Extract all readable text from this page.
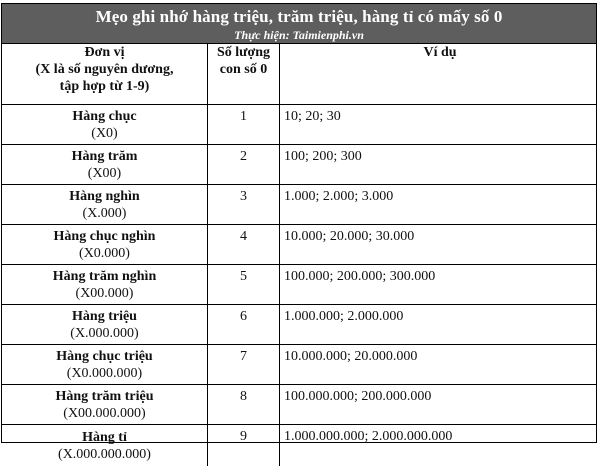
Mẹo ghi nhớ hàng triệu, trăm triệu, hàng tỉ có mấy số 0
Thực hiện: Taimienphi.vn
Đơn vị
(X là số nguyên dương,
tập hợp từ 1-9)	Số lượng
con số 0	Ví dụ

Hàng chục
(X0)	1	10; 20; 30

Hàng trăm
(X00)	2	100; 200; 300

Hàng nghìn
(X.000)	3	1.000; 2.000; 3.000

Hàng chục nghìn
(X0.000)	4	10.000; 20.000; 30.000

Hàng trăm nghìn
(X00.000)	5	100.000; 200.000; 300.000

Hàng triệu
(X.000.000)	6	1.000.000; 2.000.000

Hàng chục triệu
(X0.000.000)	7	10.000.000; 20.000.000

Hàng trăm triệu
(X00.000.000)	8	100.000.000; 200.000.000

Hàng tỉ
(X.000.000.000)	9	1.000.000.000; 2.000.000.000
